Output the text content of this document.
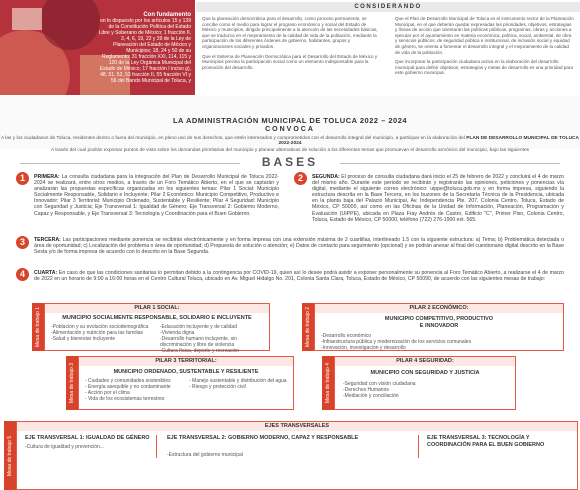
Con fundamento
en lo dispuesto por los artículos 15 y 139 de la Constitución Política del Estado Libre y Soberano de México; 1 fracción II, 3, 4, 6, 19, 22 y 39 de la Ley de Planeación del Estado de México y Municipios; 18, 24 y 50 de su Reglamento; 31 fracción XXI, 114, 115 y 120 de la Ley Orgánica Municipal del Estado de México; 17 fracción I inciso g), 48, 51, 52, 53 fracción II, 55 fracción VI y 56 del Bando Municipal de Toluca, y
CONSIDERANDO

Que la planeación democrática para el desarrollo, como proceso permanente, se concibe como el medio para lograr el progreso económico y social del Estado de México y municipios, dirigido principalmente a la atención de las necesidades básicas, que se traduzca en el mejoramiento de la calidad de vida de la población, mediante la participación de los diferentes órdenes de gobierno, habitantes, grupos y organizaciones sociales y privados.

Que el Sistema de Planeación Democrática para el Desarrollo del Estado de México y Municipios precisa la participación social como un elemento indispensable para la promoción del desarrollo.

Que el Plan de Desarrollo Municipal de Toluca es el instrumento rector de la Planeación Municipal, en el que deberán quedar expresadas las prioridades, objetivos, estrategias y líneas de acción que orientarán las políticas públicas, programas, obras y acciones a ejecutar por el ayuntamiento en materia económica, política, social, ambiental, de obra y servicios públicos, de seguridad pública e institucional, de inclusión social y equidad de género, se orienta a fomentar el desarrollo integral y el mejoramiento de la calidad de vida de la población.

Que incorporar la participación ciudadana activa en la elaboración del desarrollo municipal para definir objetivos, estrategias y metas de desarrollo es una prioridad para este gobierno municipal.

LA ADMINISTRACIÓN MUNICIPAL DE TOLUCA 2022 – 2024
CONVOCA
A las y los ciudadanos de Toluca, residentes dentro o fuera del municipio, en pleno uso de sus derechos, que estén interesados y comprometidos con el desarrollo integral del municipio, a participar en la elaboración del PLAN DE DESARROLLO MUNICIPAL DE TOLUCA 2022-2024
A través del cual podrán expresar puntos de vista sobre los demandas prioritarias del municipio y planear alternativas de solución a los diferentes temas que promuevan el desarrollo armónico del municipio, bajo las siguientes
BASES
1	PRIMERA: La consulta ciudadana para la integración del Plan de Desarrollo Municipal de Toluca 2022-2024 se realizará, entre otros medios, a través de un Foro Temático Abierto, en el que se captarán y analizarán las propuestas específicas organizadas en los siguientes temas: Pilar 1 Social: Municipio Socialmente Responsable, Solidario e Incluyente; Pilar 2 Económico: Municipio Competitivo, Productivo e Innovador; Pilar 3 Territorial: Municipio Ordenado, Sustentable y Resiliente; Pilar 4 Seguridad: Municipio con Seguridad y Justicia; Eje Transversal 1: Igualdad de Género; Eje Transversal 2: Gobierno Moderno, Capaz y Responsable, y Eje Transversal 3: Tecnología y Coordinación para el Buen Gobierno.
2	SEGUNDA: El proceso de consulta ciudadana dará inicio el 25 de febrero de 2022 y concluirá el 4 de marzo del mismo año. Durante este periodo se recibirán y registrarán las opiniones, peticiones y ponencias vía digital, mediante el siguiente correo electrónico: uippe@toluca.gob.mx y en forma impresa, siguiendo la estructura descrita en la Base Tercera, en los buzones de la Secretaría Técnica de la Presidencia, ubicada en la planta baja del Palacio Municipal, Av. Independencia Pte. 207, Colonia Centro, Toluca, Estado de México, CP 50000, así como en las Oficinas de la Unidad de Información, Planeación, Programación y Evaluación (UIPPE), ubicada en Plaza Fray Andrés de Castro, Edificio "C", Primer Piso, Colonia Centro, Toluca, Estado de México, CP 50000, teléfono (722) 276-1900 ext. 565.
3	TERCERA: Las participaciones mediante ponencia se recibirán electrónicamente y en forma impresa con una extensión máxima de 2 cuartillas, interlineado 1.5 con la siguiente estructura: a) Tema; b) Problemática detectada o área de oportunidad; c) Localización del problema o área de oportunidad; d) Propuesta de solución o atención; e) Datos de contacto para seguimiento (opcional) y se podrán anexar al final del cuestionario digital descrito en la Base Sexta y/o de forma impresa de acuerdo con lo descrito en la Base Segunda.
4	CUARTA: En caso de que las condiciones sanitarias lo permitan debido a la contingencia por COVID-19, quien así lo desee podrá asistir a exponer personalmente su ponencia al Foro Temático Abierto, a realizarse el 4 de marzo de 2022 en un horario de 9:00 a 16:00 horas en el Centro Cultural Toluca, ubicado en Av. Miguel Hidalgo No. 201, Colonia Santa Clara, Toluca, Estado de México, CP 50090, de acuerdo con las siguientes mesas de trabajo:
Mesa de trabajo 1	PILAR 1 SOCIAL:
MUNICIPIO SOCIALMENTE RESPONSABLE, SOLIDARIO E INCLUYENTE
-Población y su evolución sociodemográfica
-Alimentación y nutrición para las familias
-Salud y bienestar incluyente
-Educación incluyente y de calidad
-Vivienda digna
-Desarrollo humano incluyente, sin discriminación y libre de violencia
-Cultura física, deporte y recreación
Mesa de trabajo 2	PILAR 2 ECONÓMICO:
MUNICIPIO COMPETITIVO, PRODUCTIVO E INNOVADOR
-Desarrollo económico
-Infraestructura pública y modernización de los servicios comunales
-Innovación, investigación y desarrollo
Mesa de trabajo 3
PILAR 3 TERRITORIAL:
MUNICIPIO ORDENADO, SUSTENTABLE Y RESILIENTE
- Ciudades y comunidades sostenibles
- Energía asequible y no contaminante
- Acción por el clima
- Vida de los ecosistemas terrestres
- Manejo sustentable y distribución del agua
- Riesgo y protección civil	Mesa de trabajo 4
PILAR 4 SEGURIDAD:
MUNICIPIO CON SEGURIDAD Y JUSTICIA
-Seguridad con visión ciudadana
-Derechos Humanos
-Mediación y conciliación
Mesa de trabajo 5
EJES TRANSVERSALES
EJE TRANSVERSAL 1: IGUALDAD DE GÉNERO
-Cultura de igualdad y prevención...
EJE TRANSVERSAL 2: GOBIERNO MODERNO, CAPAZ Y RESPONSABLE
-Estructura del gobierno municipal
EJE TRANSVERSAL 3: TECNOLOGÍA Y COORDINACIÓN PARA EL BUEN GOBIERNO
